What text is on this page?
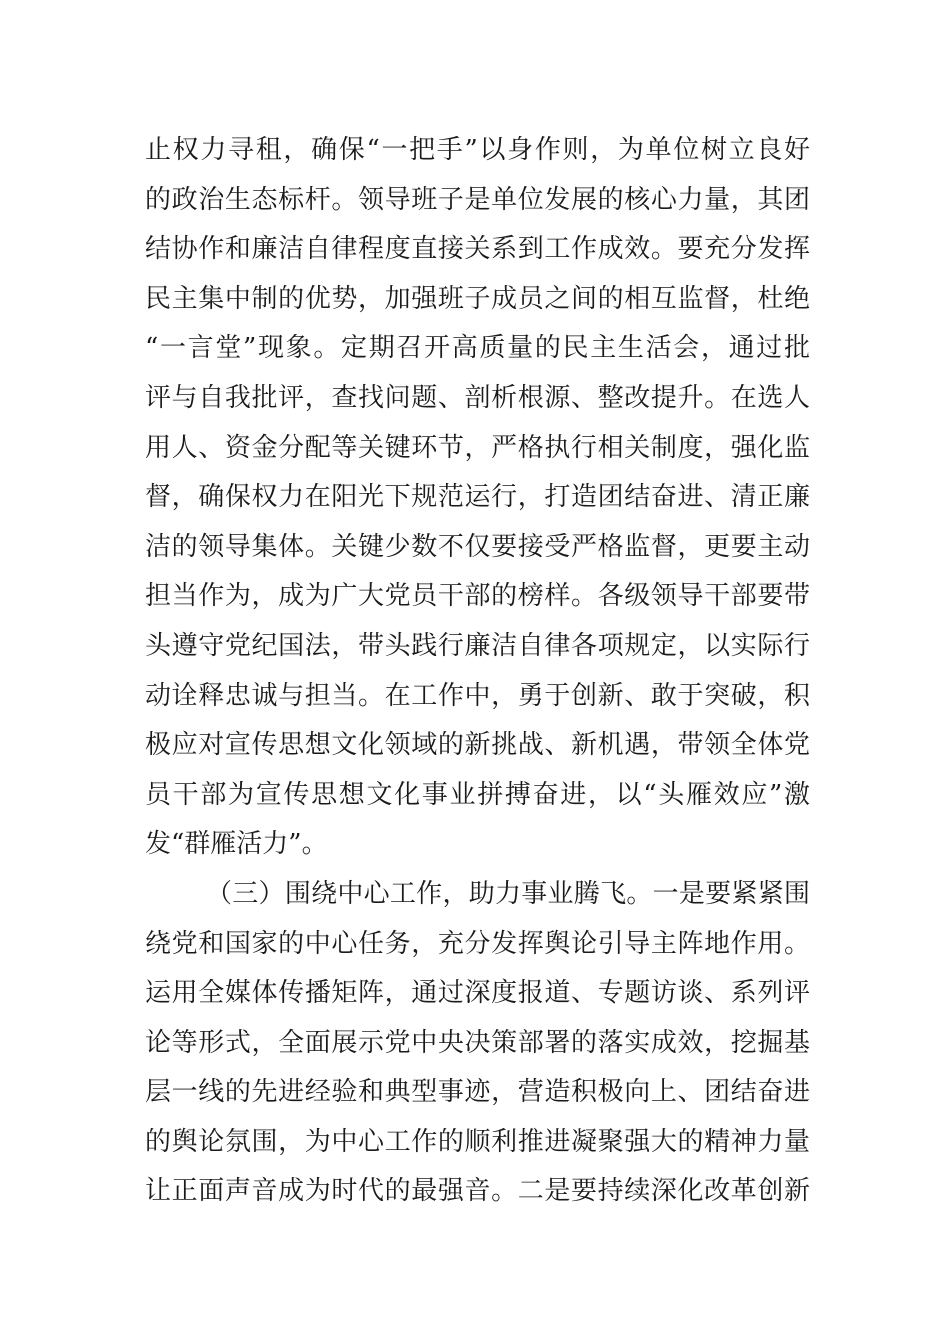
止权力寻租，确保“一把手”以身作则，为单位树立良好
的政治生态标杆。领导班子是单位发展的核心力量，其团
结协作和廉洁自律程度直接关系到工作成效。要充分发挥
民主集中制的优势，加强班子成员之间的相互监督，杜绝
“一言堂”现象。定期召开高质量的民主生活会，通过批
评与自我批评，查找问题、剖析根源、整改提升。在选人
用人、资金分配等关键环节，严格执行相关制度，强化监
督，确保权力在阳光下规范运行，打造团结奋进、清正廉
洁的领导集体。关键少数不仅要接受严格监督，更要主动
担当作为，成为广大党员干部的榜样。各级领导干部要带
头遵守党纪国法，带头践行廉洁自律各项规定，以实际行
动诠释忠诚与担当。在工作中，勇于创新、敢于突破，积
极应对宣传思想文化领域的新挑战、新机遇，带领全体党
员干部为宣传思想文化事业拼搏奋进，以“头雁效应”激
发“群雁活力”。
（三）围绕中心工作，助力事业腾飞。一是要紧紧围
绕党和国家的中心任务，充分发挥舆论引导主阵地作用。
运用全媒体传播矩阵，通过深度报道、专题访谈、系列评
论等形式，全面展示党中央决策部署的落实成效，挖掘基
层一线的先进经验和典型事迹，营造积极向上、团结奋进
的舆论氛围，为中心工作的顺利推进凝聚强大的精神力量
让正面声音成为时代的最强音。二是要持续深化改革创新
